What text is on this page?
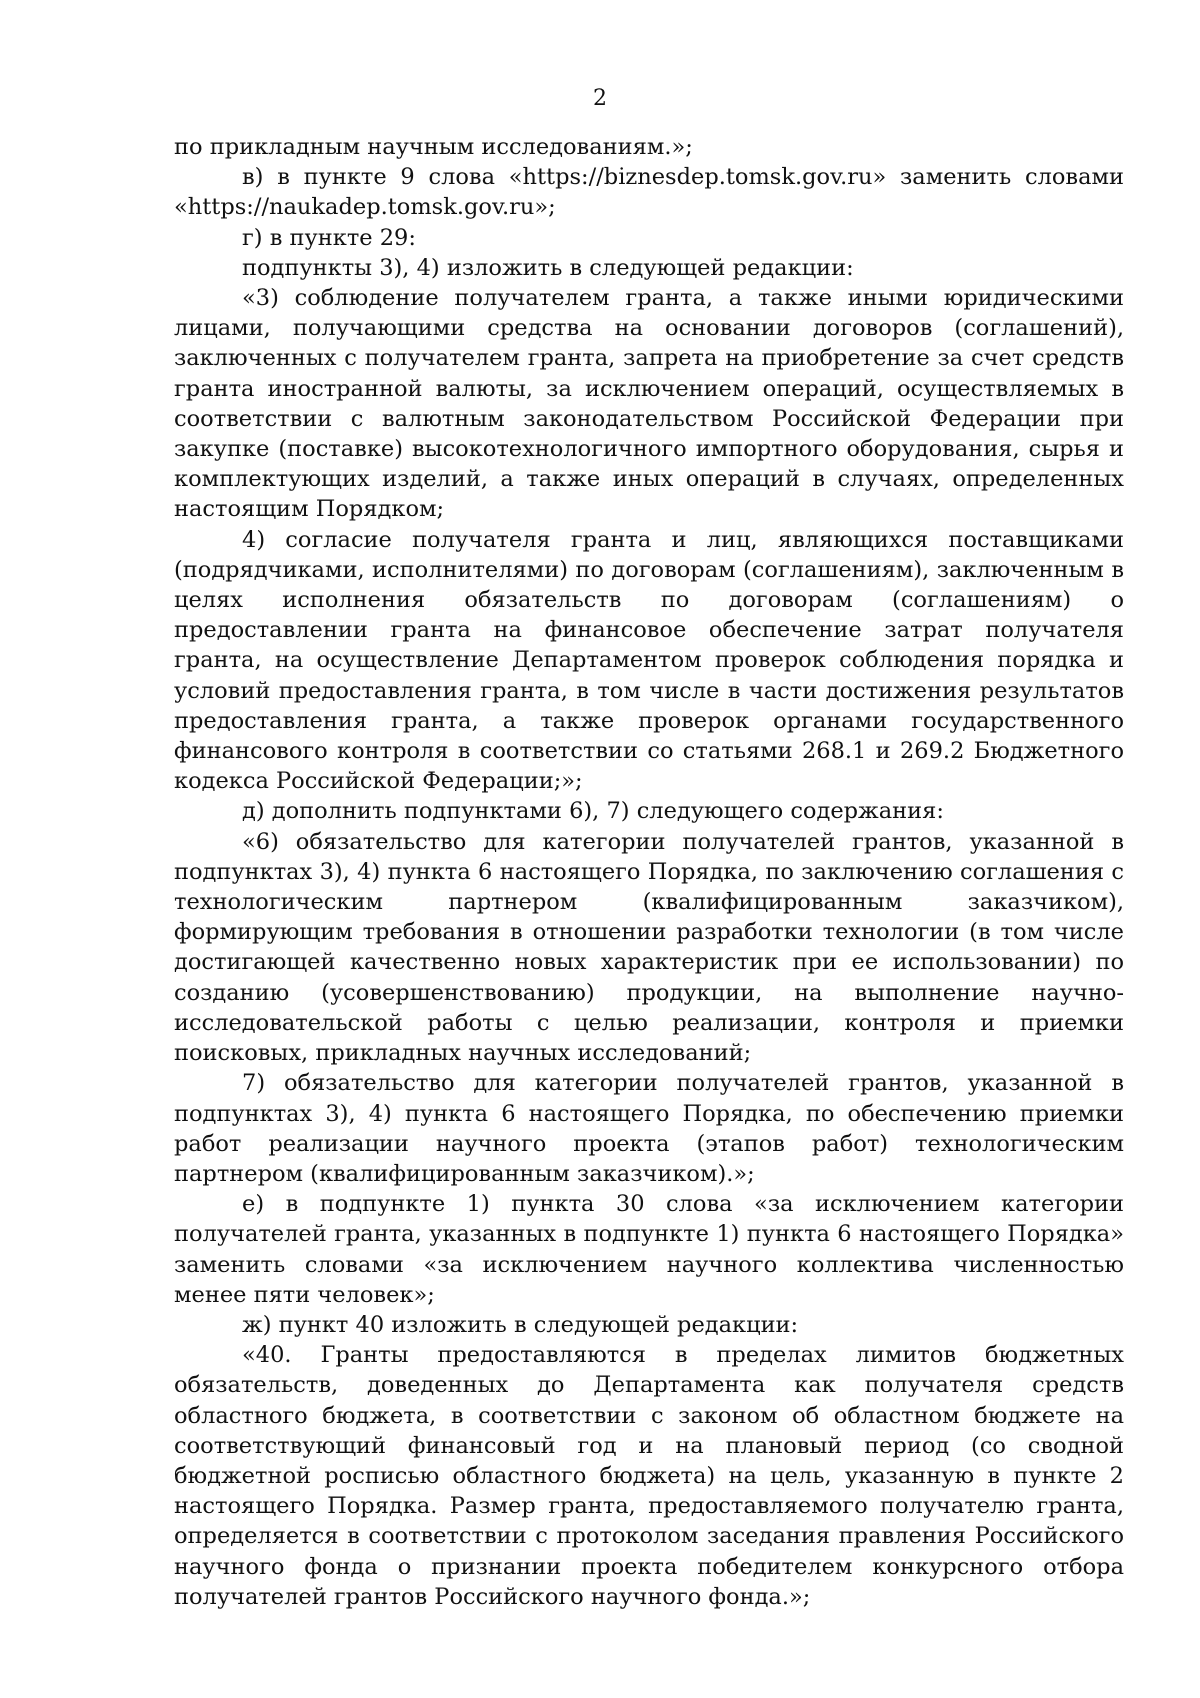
2

по прикладным научным исследованиям.»;

в) в пункте 9 слова «https://biznesdep.tomsk.gov.ru» заменить словами «https://naukadep.tomsk.gov.ru»;

г) в пункте 29:

подпункты 3), 4) изложить в следующей редакции:

«3) соблюдение получателем гранта, а также иными юридическими лицами, получающими средства на основании договоров (соглашений), заключенных с получателем гранта, запрета на приобретение за счет средств гранта иностранной валюты, за исключением операций, осуществляемых в соответствии с валютным законодательством Российской Федерации при закупке (поставке) высокотехнологичного импортного оборудования, сырья и комплектующих изделий, а также иных операций в случаях, определенных настоящим Порядком;

4) согласие получателя гранта и лиц, являющихся поставщиками (подрядчиками, исполнителями) по договорам (соглашениям), заключенным в целях исполнения обязательств по договорам (соглашениям) о предоставлении гранта на финансовое обеспечение затрат получателя гранта, на осуществление Департаментом проверок соблюдения порядка и условий предоставления гранта, в том числе в части достижения результатов предоставления гранта, а также проверок органами государственного финансового контроля в соответствии со статьями 268.1 и 269.2 Бюджетного кодекса Российской Федерации;»;

д) дополнить подпунктами 6), 7) следующего содержания:

«6) обязательство для категории получателей грантов, указанной в подпунктах 3), 4) пункта 6 настоящего Порядка, по заключению соглашения с технологическим партнером (квалифицированным заказчиком), формирующим требования в отношении разработки технологии (в том числе достигающей качественно новых характеристик при ее использовании) по созданию (усовершенствованию) продукции, на выполнение научно-исследовательской работы с целью реализации, контроля и приемки поисковых, прикладных научных исследований;

7) обязательство для категории получателей грантов, указанной в подпунктах 3), 4) пункта 6 настоящего Порядка, по обеспечению приемки работ реализации научного проекта (этапов работ) технологическим партнером (квалифицированным заказчиком).»;

е) в подпункте 1) пункта 30 слова «за исключением категории получателей гранта, указанных в подпункте 1) пункта 6 настоящего Порядка» заменить словами «за исключением научного коллектива численностью менее пяти человек»;

ж) пункт 40 изложить в следующей редакции:

«40. Гранты предоставляются в пределах лимитов бюджетных обязательств, доведенных до Департамента как получателя средств областного бюджета, в соответствии с законом об областном бюджете на соответствующий финансовый год и на плановый период (со сводной бюджетной росписью областного бюджета) на цель, указанную в пункте 2 настоящего Порядка. Размер гранта, предоставляемого получателю гранта, определяется в соответствии с протоколом заседания правления Российского научного фонда о признании проекта победителем конкурсного отбора получателей грантов Российского научного фонда.»;
